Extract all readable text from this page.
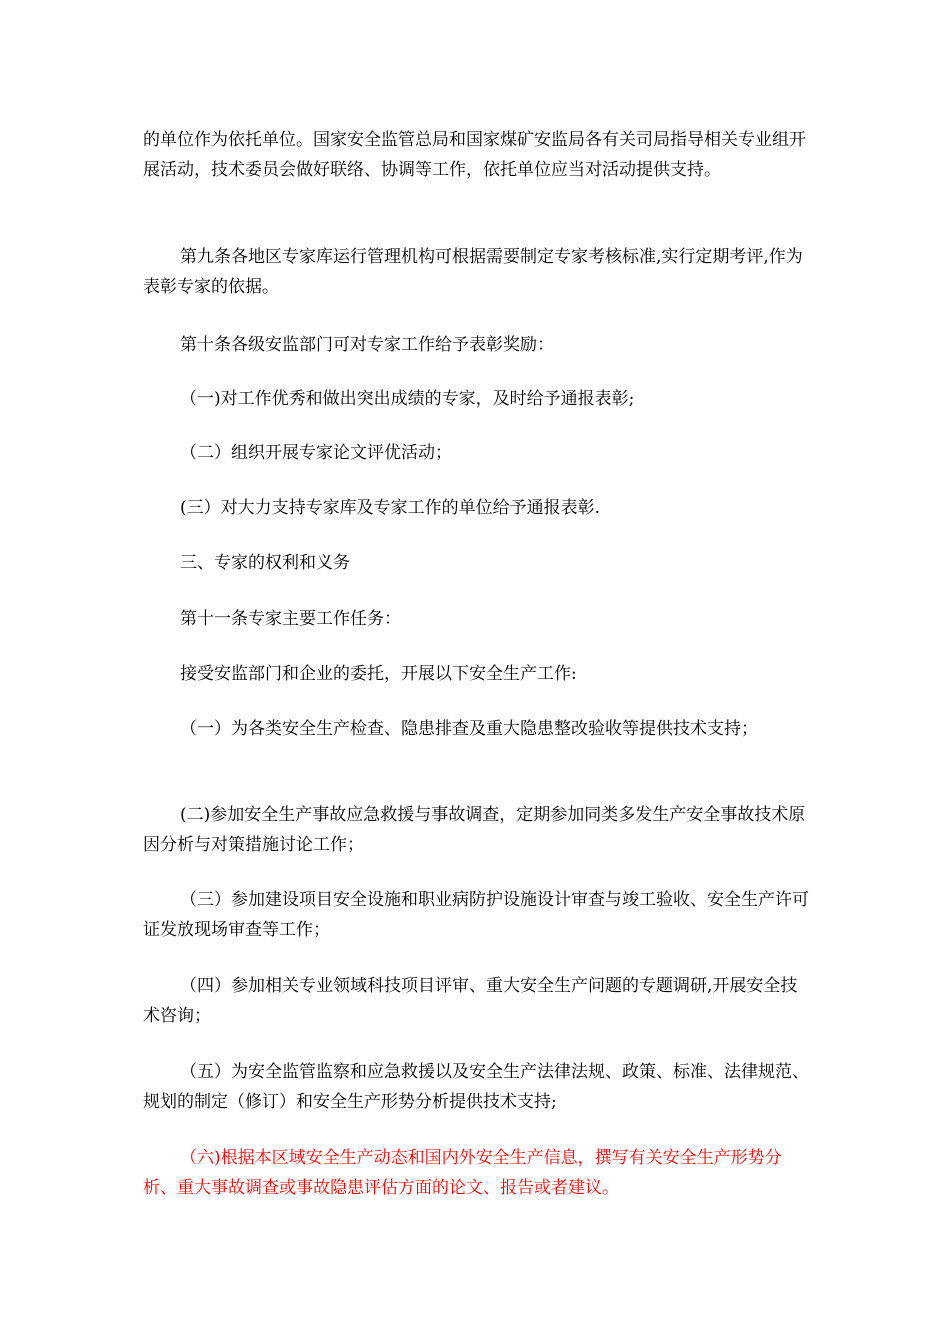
的单位作为依托单位。国家安全监管总局和国家煤矿安监局各有关司局指导相关专业组开展活动，技术委员会做好联络、协调等工作，依托单位应当对活动提供支持。

第九条各地区专家库运行管理机构可根据需要制定专家考核标准,实行定期考评,作为表彰专家的依据。

第十条各级安监部门可对专家工作给予表彰奖励：

（一)对工作优秀和做出突出成绩的专家，及时给予通报表彰;

（二）组织开展专家论文评优活动；

(三）对大力支持专家库及专家工作的单位给予通报表彰.

三、专家的权利和义务

第十一条专家主要工作任务：

接受安监部门和企业的委托，开展以下安全生产工作:

（一）为各类安全生产检查、隐患排查及重大隐患整改验收等提供技术支持；

(二)参加安全生产事故应急救援与事故调查，定期参加同类多发生产安全事故技术原因分析与对策措施讨论工作；

（三）参加建设项目安全设施和职业病防护设施设计审查与竣工验收、安全生产许可证发放现场审查等工作；

（四）参加相关专业领域科技项目评审、重大安全生产问题的专题调研,开展安全技术咨询；

（五）为安全监管监察和应急救援以及安全生产法律法规、政策、标准、法律规范、规划的制定（修订）和安全生产形势分析提供技术支持;

（六)根据本区域安全生产动态和国内外安全生产信息，撰写有关安全生产形势分析、重大事故调查或事故隐患评估方面的论文、报告或者建议。
